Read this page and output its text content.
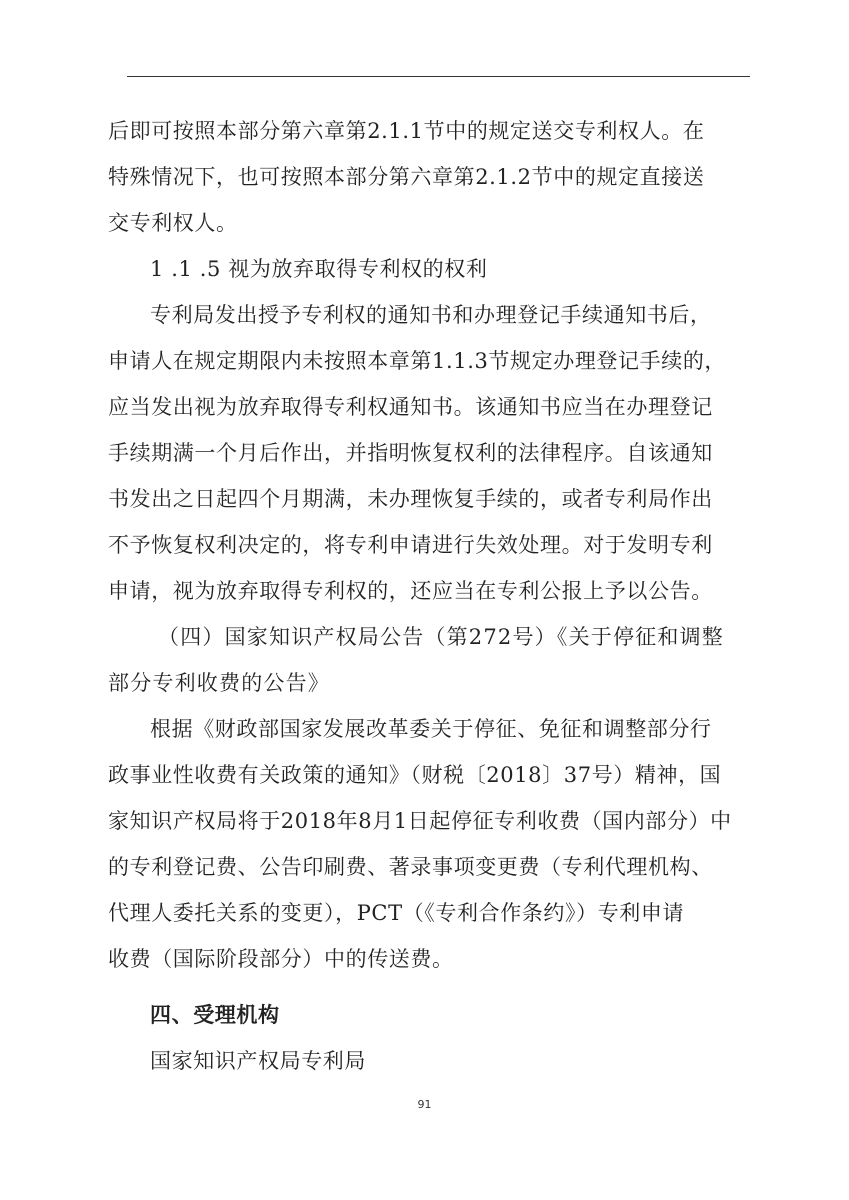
后即可按照本部分第六章第2.1.1节中的规定送交专利权人。在
特殊情况下，也可按照本部分第六章第2.1.2节中的规定直接送
交专利权人。
1 .1 .5 视为放弃取得专利权的权利
专利局发出授予专利权的通知书和办理登记手续通知书后，
申请人在规定期限内未按照本章第1.1.3节规定办理登记手续的，
应当发出视为放弃取得专利权通知书。该通知书应当在办理登记
手续期满一个月后作出，并指明恢复权利的法律程序。自该通知
书发出之日起四个月期满，未办理恢复手续的，或者专利局作出
不予恢复权利决定的，将专利申请进行失效处理。对于发明专利
申请，视为放弃取得专利权的，还应当在专利公报上予以公告。
（四）国家知识产权局公告（第272号）《关于停征和调整
部分专利收费的公告》
根据《财政部国家发展改革委关于停征、免征和调整部分行
政事业性收费有关政策的通知》（财税〔2018〕37号）精神，国
家知识产权局将于2018年8月1日起停征专利收费（国内部分）中
的专利登记费、公告印刷费、著录事项变更费（专利代理机构、
代理人委托关系的变更），PCT（《专利合作条约》）专利申请
收费（国际阶段部分）中的传送费。
四、受理机构
国家知识产权局专利局
91
